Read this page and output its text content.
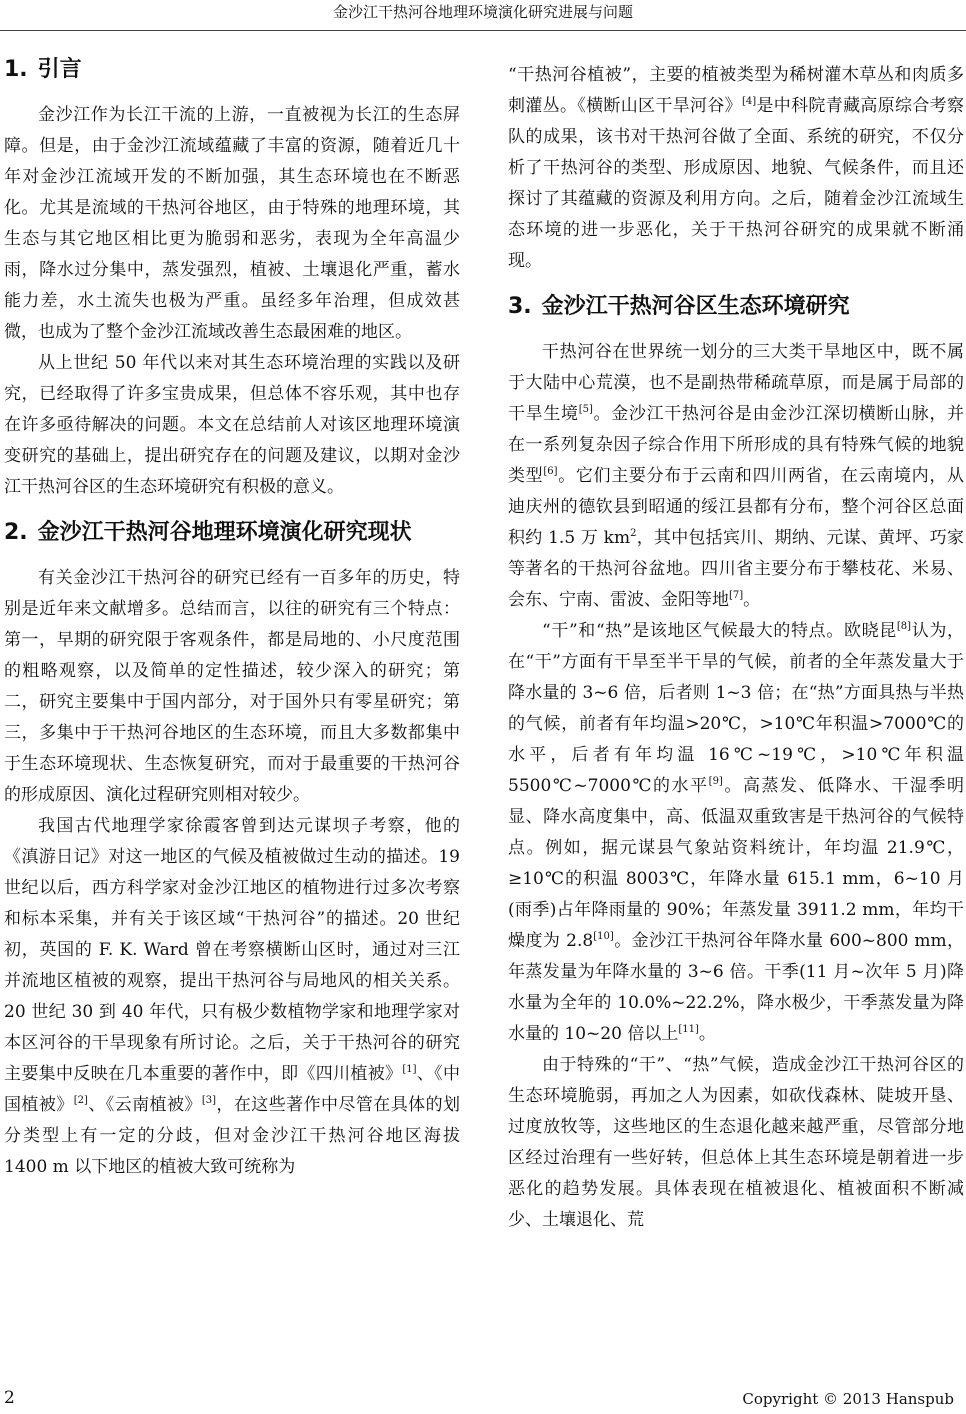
金沙江干热河谷地理环境演化研究进展与问题
1. 引言

金沙江作为长江干流的上游，一直被视为长江的生态屏障。但是，由于金沙江流域蕴藏了丰富的资源，随着近几十年对金沙江流域开发的不断加强，其生态环境也在不断恶化。尤其是流域的干热河谷地区，由于特殊的地理环境，其生态与其它地区相比更为脆弱和恶劣，表现为全年高温少雨，降水过分集中，蒸发强烈，植被、土壤退化严重，蓄水能力差，水土流失也极为严重。虽经多年治理，但成效甚微，也成为了整个金沙江流域改善生态最困难的地区。

从上世纪 50 年代以来对其生态环境治理的实践以及研究，已经取得了许多宝贵成果，但总体不容乐观，其中也存在许多亟待解决的问题。本文在总结前人对该区地理环境演变研究的基础上，提出研究存在的问题及建议，以期对金沙江干热河谷区的生态环境研究有积极的意义。

2. 金沙江干热河谷地理环境演化研究现状

有关金沙江干热河谷的研究已经有一百多年的历史，特别是近年来文献增多。总结而言，以往的研究有三个特点：第一，早期的研究限于客观条件，都是局地的、小尺度范围的粗略观察，以及简单的定性描述，较少深入的研究；第二，研究主要集中于国内部分，对于国外只有零星研究；第三，多集中于干热河谷地区的生态环境，而且大多数都集中于生态环境现状、生态恢复研究，而对于最重要的干热河谷的形成原因、演化过程研究则相对较少。

我国古代地理学家徐霞客曾到达元谋坝子考察，他的《滇游日记》对这一地区的气候及植被做过生动的描述。19 世纪以后，西方科学家对金沙江地区的植物进行过多次考察和标本采集，并有关于该区域“干热河谷”的描述。20 世纪初，英国的 F. K. Ward 曾在考察横断山区时，通过对三江并流地区植被的观察，提出干热河谷与局地风的相关关系。20 世纪 30 到 40 年代，只有极少数植物学家和地理学家对本区河谷的干旱现象有所讨论。之后，关于干热河谷的研究主要集中反映在几本重要的著作中，即《四川植被》[1]、《中国植被》[2]、《云南植被》[3]，在这些著作中尽管在具体的划分类型上有一定的分歧，但对金沙江干热河谷地区海拔 1400 m 以下地区的植被大致可统称为

“干热河谷植被”，主要的植被类型为稀树灌木草丛和肉质多刺灌丛。《横断山区干旱河谷》[4]是中科院青藏高原综合考察队的成果，该书对干热河谷做了全面、系统的研究，不仅分析了干热河谷的类型、形成原因、地貌、气候条件，而且还探讨了其蕴藏的资源及利用方向。之后，随着金沙江流域生态环境的进一步恶化，关于干热河谷研究的成果就不断涌现。

3. 金沙江干热河谷区生态环境研究

干热河谷在世界统一划分的三大类干旱地区中，既不属于大陆中心荒漠，也不是副热带稀疏草原，而是属于局部的干旱生境[5]。金沙江干热河谷是由金沙江深切横断山脉，并在一系列复杂因子综合作用下所形成的具有特殊气候的地貌类型[6]。它们主要分布于云南和四川两省，在云南境内，从迪庆州的德钦县到昭通的绥江县都有分布，整个河谷区总面积约 1.5 万 $km^2$，其中包括宾川、期纳、元谋、黄坪、巧家等著名的干热河谷盆地。四川省主要分布于攀枝花、米易、会东、宁南、雷波、金阳等地[7]。

“干”和“热”是该地区气候最大的特点。欧晓昆[8]认为，在“干”方面有干旱至半干旱的气候，前者的全年蒸发量大于降水量的 3~6 倍，后者则 1~3 倍；在“热”方面具热与半热的气候，前者有年均温>20℃，>10℃年积温>7000℃的水平，后者有年均温 16℃~19℃，>10℃年积温 5500℃~7000℃的水平[9]。高蒸发、低降水、干湿季明显、降水高度集中，高、低温双重致害是干热河谷的气候特点。例如，据元谋县气象站资料统计，年均温 21.9℃，≥10℃的积温 8003℃，年降水量 615.1 mm，6~10 月(雨季)占年降雨量的 90%；年蒸发量 3911.2 mm，年均干燥度为 2.8[10]。金沙江干热河谷年降水量 600~800 mm，年蒸发量为年降水量的 3~6 倍。干季(11 月~次年 5 月)降水量为全年的 10.0%~22.2%，降水极少，干季蒸发量为降水量的 10~20 倍以上[11]。

由于特殊的“干”、“热”气候，造成金沙江干热河谷区的生态环境脆弱，再加之人为因素，如砍伐森林、陡坡开垦、过度放牧等，这些地区的生态退化越来越严重，尽管部分地区经过治理有一些好转，但总体上其生态环境是朝着进一步恶化的趋势发展。具体表现在植被退化、植被面积不断减少、土壤退化、荒

2	Copyright © 2013 Hanspub
